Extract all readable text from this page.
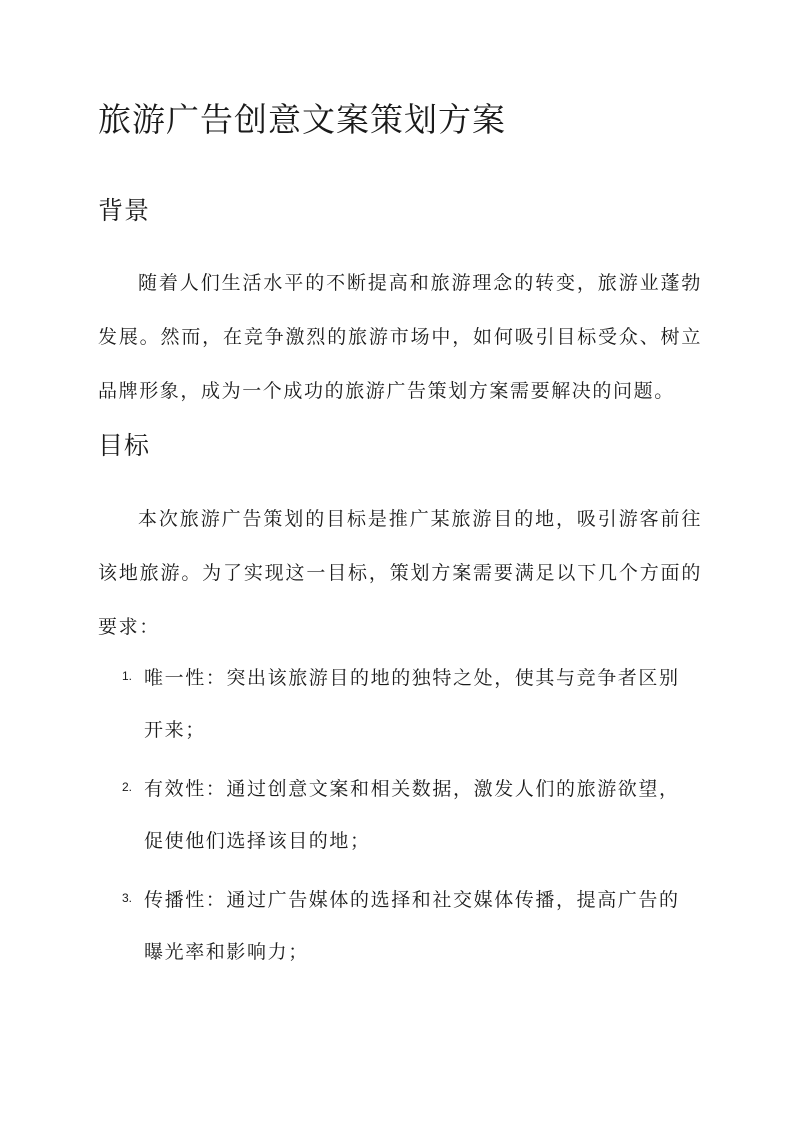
旅游广告创意文案策划方案
背景

随着人们生活水平的不断提高和旅游理念的转变，旅游业蓬勃发展。然而，在竞争激烈的旅游市场中，如何吸引目标受众、树立品牌形象，成为一个成功的旅游广告策划方案需要解决的问题。

目标

本次旅游广告策划的目标是推广某旅游目的地，吸引游客前往该地旅游。为了实现这一目标，策划方案需要满足以下几个方面的要求：

1. 唯一性：突出该旅游目的地的独特之处，使其与竞争者区别开来；

2. 有效性：通过创意文案和相关数据，激发人们的旅游欲望，促使他们选择该目的地；

3. 传播性：通过广告媒体的选择和社交媒体传播，提高广告的曝光率和影响力；
